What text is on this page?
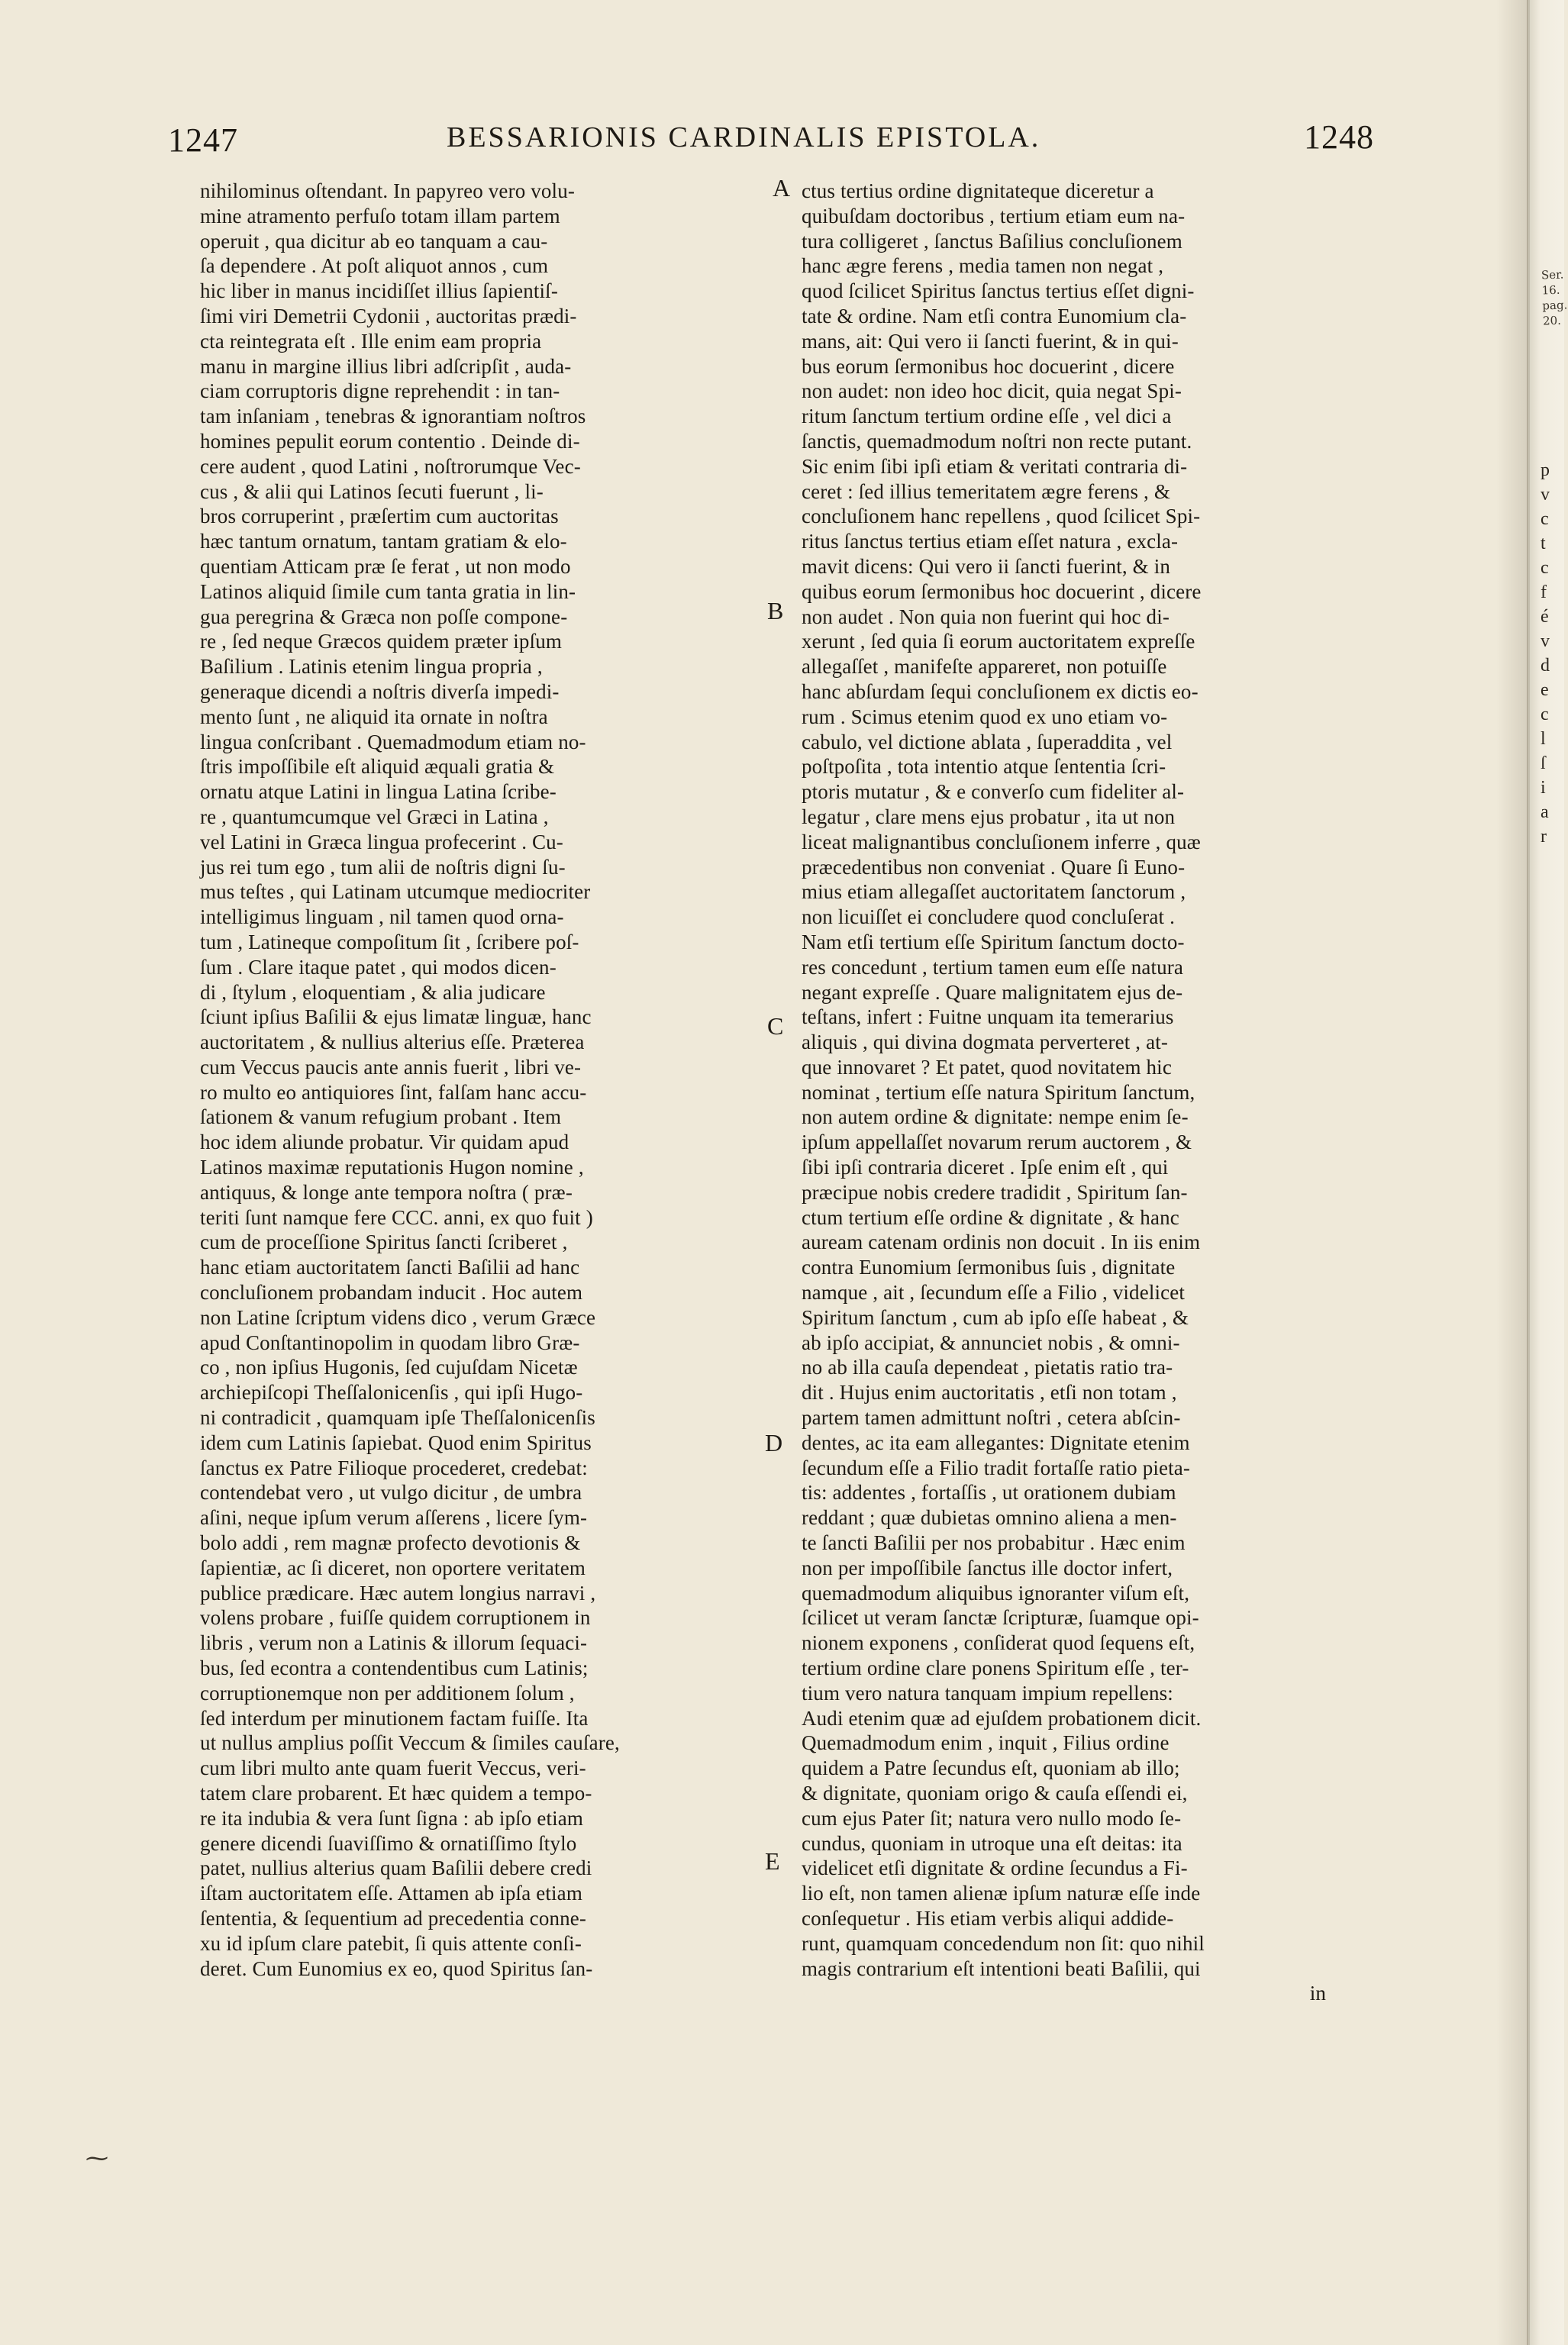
1247	BESSARIONIS CARDINALIS EPISTOLA.	1248
A
B
C
D
E
nihilominus oſtendant. In papyreo vero volu-
mine atramento perfuſo totam illam partem
operuit , qua dicitur ab eo tanquam a cau-
ſa dependere . At poſt aliquot annos , cum
hic liber in manus incidiſſet illius ſapientiſ-
ſimi viri Demetrii Cydonii , auctoritas prædi-
cta reintegrata eſt . Ille enim eam propria
manu in margine illius libri adſcripſit , auda-
ciam corruptoris digne reprehendit : in tan-
tam inſaniam , tenebras & ignorantiam noſtros
homines pepulit eorum contentio . Deinde di-
cere audent , quod Latini , noſtrorumque Vec-
cus , & alii qui Latinos ſecuti fuerunt , li-
bros corruperint , præſertim cum auctoritas
hæc tantum ornatum, tantam gratiam & elo-
quentiam Atticam præ ſe ferat , ut non modo
Latinos aliquid ſimile cum tanta gratia in lin-
gua peregrina & Græca non poſſe compone-
re , ſed neque Græcos quidem præter ipſum
Baſilium . Latinis etenim lingua propria ,
generaque dicendi a noſtris diverſa impedi-
mento ſunt , ne aliquid ita ornate in noſtra
lingua conſcribant . Quemadmodum etiam no-
ſtris impoſſibile eſt aliquid æquali gratia &
ornatu atque Latini in lingua Latina ſcribe-
re , quantumcumque vel Græci in Latina ,
vel Latini in Græca lingua profecerint . Cu-
jus rei tum ego , tum alii de noſtris digni ſu-
mus teſtes , qui Latinam utcumque mediocriter
intelligimus linguam , nil tamen quod orna-
tum , Latineque compoſitum ſit , ſcribere poſ-
ſum . Clare itaque patet , qui modos dicen-
di , ſtylum , eloquentiam , & alia judicare
ſciunt ipſius Baſilii & ejus limatæ linguæ, hanc
auctoritatem , & nullius alterius eſſe. Præterea
cum Veccus paucis ante annis fuerit , libri ve-
ro multo eo antiquiores ſint, falſam hanc accu-
ſationem & vanum refugium probant . Item
hoc idem aliunde probatur. Vir quidam apud
Latinos maximæ reputationis Hugon nomine ,
antiquus, & longe ante tempora noſtra ( præ-
teriti ſunt namque fere CCC. anni, ex quo fuit )
cum de proceſſione Spiritus ſancti ſcriberet ,
hanc etiam auctoritatem ſancti Baſilii ad hanc
concluſionem probandam inducit . Hoc autem
non Latine ſcriptum videns dico , verum Græce
apud Conſtantinopolim in quodam libro Græ-
co , non ipſius Hugonis, ſed cujuſdam Nicetæ
archiepiſcopi Theſſalonicenſis , qui ipſi Hugo-
ni contradicit , quamquam ipſe Theſſalonicenſis
idem cum Latinis ſapiebat. Quod enim Spiritus
ſanctus ex Patre Filioque procederet, credebat:
contendebat vero , ut vulgo dicitur , de umbra
aſini, neque ipſum verum aſſerens , licere ſym-
bolo addi , rem magnæ profecto devotionis &
ſapientiæ, ac ſi diceret, non oportere veritatem
publice prædicare. Hæc autem longius narravi ,
volens probare , fuiſſe quidem corruptionem in
libris , verum non a Latinis & illorum ſequaci-
bus, ſed econtra a contendentibus cum Latinis;
corruptionemque non per additionem ſolum ,
ſed interdum per minutionem factam fuiſſe. Ita
ut nullus amplius poſſit Veccum & ſimiles cauſare,
cum libri multo ante quam fuerit Veccus, veri-
tatem clare probarent. Et hæc quidem a tempo-
re ita indubia & vera ſunt ſigna : ab ipſo etiam
genere dicendi ſuaviſſimo & ornatiſſimo ſtylo
patet, nullius alterius quam Baſilii debere credi
iſtam auctoritatem eſſe. Attamen ab ipſa etiam
ſententia, & ſequentium ad precedentia conne-
xu id ipſum clare patebit, ſi quis attente conſi-
deret. Cum Eunomius ex eo, quod Spiritus ſan-
ctus tertius ordine dignitateque diceretur a
quibuſdam doctoribus , tertium etiam eum na-
tura colligeret , ſanctus Baſilius concluſionem
hanc ægre ferens , media tamen non negat ,
quod ſcilicet Spiritus ſanctus tertius eſſet digni-
tate & ordine. Nam etſi contra Eunomium cla-
mans, ait: Qui vero ii ſancti fuerint, & in qui-
bus eorum ſermonibus hoc docuerint , dicere
non audet: non ideo hoc dicit, quia negat Spi-
ritum ſanctum tertium ordine eſſe , vel dici a
ſanctis, quemadmodum noſtri non recte putant.
Sic enim ſibi ipſi etiam & veritati contraria di-
ceret : ſed illius temeritatem ægre ferens , &
concluſionem hanc repellens , quod ſcilicet Spi-
ritus ſanctus tertius etiam eſſet natura , excla-
mavit dicens: Qui vero ii ſancti fuerint, & in
quibus eorum ſermonibus hoc docuerint , dicere
non audet . Non quia non fuerint qui hoc di-
xerunt , ſed quia ſi eorum auctoritatem expreſſe
allegaſſet , manifeſte appareret, non potuiſſe
hanc abſurdam ſequi concluſionem ex dictis eo-
rum . Scimus etenim quod ex uno etiam vo-
cabulo, vel dictione ablata , ſuperaddita , vel
poſtpoſita , tota intentio atque ſententia ſcri-
ptoris mutatur , & e converſo cum fideliter al-
legatur , clare mens ejus probatur , ita ut non
liceat malignantibus concluſionem inferre , quæ
præcedentibus non conveniat . Quare ſi Euno-
mius etiam allegaſſet auctoritatem ſanctorum ,
non licuiſſet ei concludere quod concluſerat .
Nam etſi tertium eſſe Spiritum ſanctum docto-
res concedunt , tertium tamen eum eſſe natura
negant expreſſe . Quare malignitatem ejus de-
teſtans, infert : Fuitne unquam ita temerarius
aliquis , qui divina dogmata perverteret , at-
que innovaret ? Et patet, quod novitatem hic
nominat , tertium eſſe natura Spiritum ſanctum,
non autem ordine & dignitate: nempe enim ſe-
ipſum appellaſſet novarum rerum auctorem , &
ſibi ipſi contraria diceret . Ipſe enim eſt , qui
præcipue nobis credere tradidit , Spiritum ſan-
ctum tertium eſſe ordine & dignitate , & hanc
auream catenam ordinis non docuit . In iis enim
contra Eunomium ſermonibus ſuis , dignitate
namque , ait , ſecundum eſſe a Filio , videlicet
Spiritum ſanctum , cum ab ipſo eſſe habeat , &
ab ipſo accipiat, & annunciet nobis , & omni-
no ab illa cauſa dependeat , pietatis ratio tra-
dit . Hujus enim auctoritatis , etſi non totam ,
partem tamen admittunt noſtri , cetera abſcin-
dentes, ac ita eam allegantes: Dignitate etenim
ſecundum eſſe a Filio tradit fortaſſe ratio pieta-
tis: addentes , fortaſſis , ut orationem dubiam
reddant ; quæ dubietas omnino aliena a men-
te ſancti Baſilii per nos probabitur . Hæc enim
non per impoſſibile ſanctus ille doctor infert,
quemadmodum aliquibus ignoranter viſum eſt,
ſcilicet ut veram ſanctæ ſcripturæ, ſuamque opi-
nionem exponens , conſiderat quod ſequens eſt,
tertium ordine clare ponens Spiritum eſſe , ter-
tium vero natura tanquam impium repellens:
Audi etenim quæ ad ejuſdem probationem dicit.
Quemadmodum enim , inquit , Filius ordine
quidem a Patre ſecundus eſt, quoniam ab illo;
& dignitate, quoniam origo & cauſa eſſendi ei,
cum ejus Pater ſit; natura vero nullo modo ſe-
cundus, quoniam in utroque una eſt deitas: ita
videlicet etſi dignitate & ordine ſecundus a Fi-
lio eſt, non tamen alienæ ipſum naturæ eſſe inde
conſequetur . His etiam verbis aliqui addide-
runt, quamquam concedendum non ſit: quo nihil
magis contrarium eſt intentioni beati Baſilii, qui
in
Ser. 16. pag. 20.
p
v
c
t
c
f
é
v
d
e
c
l
ſ
i
a
r
⁓
